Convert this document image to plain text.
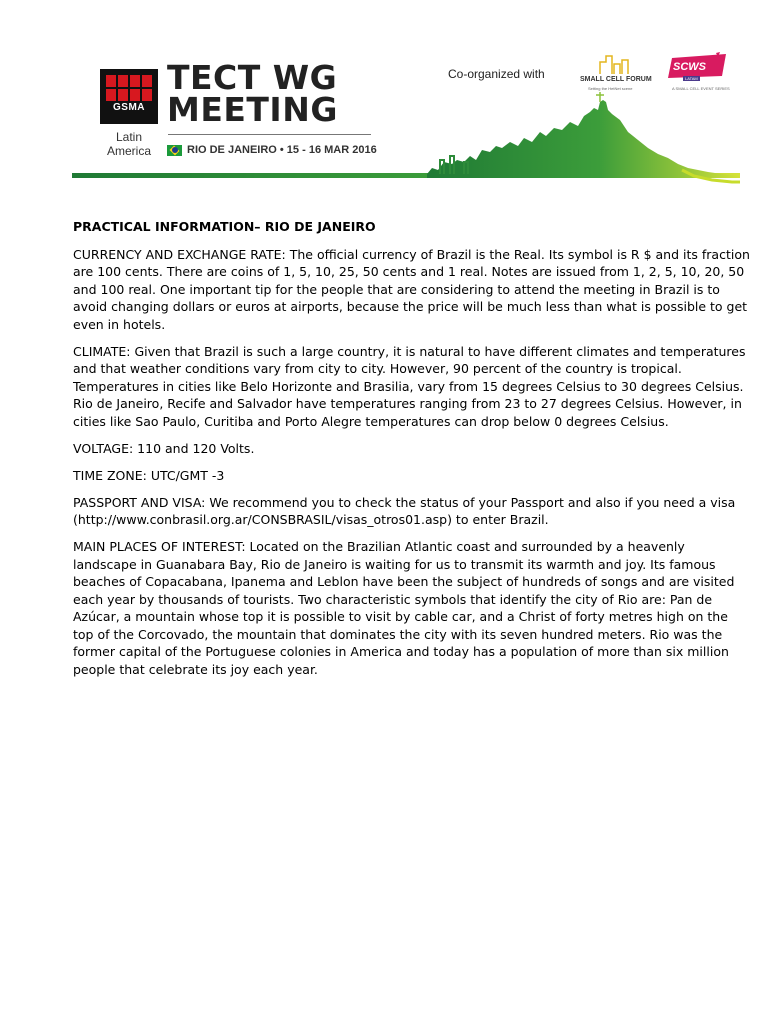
GSMA
Latin
America
TECT WG
MEETING
RIO DE JANEIRO • 15 - 16 MAR 2016
Co-organized with	SMALL CELL FORUM
Setting the HetNet scene
SCWS
LATAM
A SMALL CELL EVENT SERIES
PRACTICAL INFORMATION– RIO DE JANEIRO

CURRENCY AND EXCHANGE RATE: The official currency of Brazil is the Real. Its symbol is R $ and its fraction are 100 cents. There are coins of 1, 5, 10, 25, 50 cents and 1 real. Notes are issued from 1, 2, 5, 10, 20, 50 and 100 real. One important tip for the people that are considering to attend the meeting in Brazil is to avoid changing dollars or euros at airports, because the price will be much less than what is possible to get even in hotels.

CLIMATE: Given that Brazil is such a large country, it is natural to have different climates and temperatures and that weather conditions vary from city to city. However, 90 percent of the country is tropical. Temperatures in cities like Belo Horizonte and Brasilia, vary from 15 degrees Celsius to 30 degrees Celsius. Rio de Janeiro, Recife and Salvador have temperatures ranging from 23 to 27 degrees Celsius. However, in cities like Sao Paulo, Curitiba and Porto Alegre temperatures can drop below 0 degrees Celsius.

VOLTAGE: 110 and 120 Volts.

TIME ZONE: UTC/GMT -3

PASSPORT AND VISA: We recommend you to check the status of your Passport and also if you need a visa (http://www.conbrasil.org.ar/CONSBRASIL/visas_otros01.asp) to enter Brazil.

MAIN PLACES OF INTEREST: Located on the Brazilian Atlantic coast and surrounded by a heavenly landscape in Guanabara Bay, Rio de Janeiro is waiting for us to transmit its warmth and joy. Its famous beaches of Copacabana, Ipanema and Leblon have been the subject of hundreds of songs and are visited each year by thousands of tourists. Two characteristic symbols that identify the city of Rio are: Pan de Azúcar, a mountain whose top it is possible to visit by cable car, and a Christ of forty metres high on the top of the Corcovado, the mountain that dominates the city with its seven hundred meters. Rio was the former capital of the Portuguese colonies in America and today has a population of more than six million people that celebrate its joy each year.
